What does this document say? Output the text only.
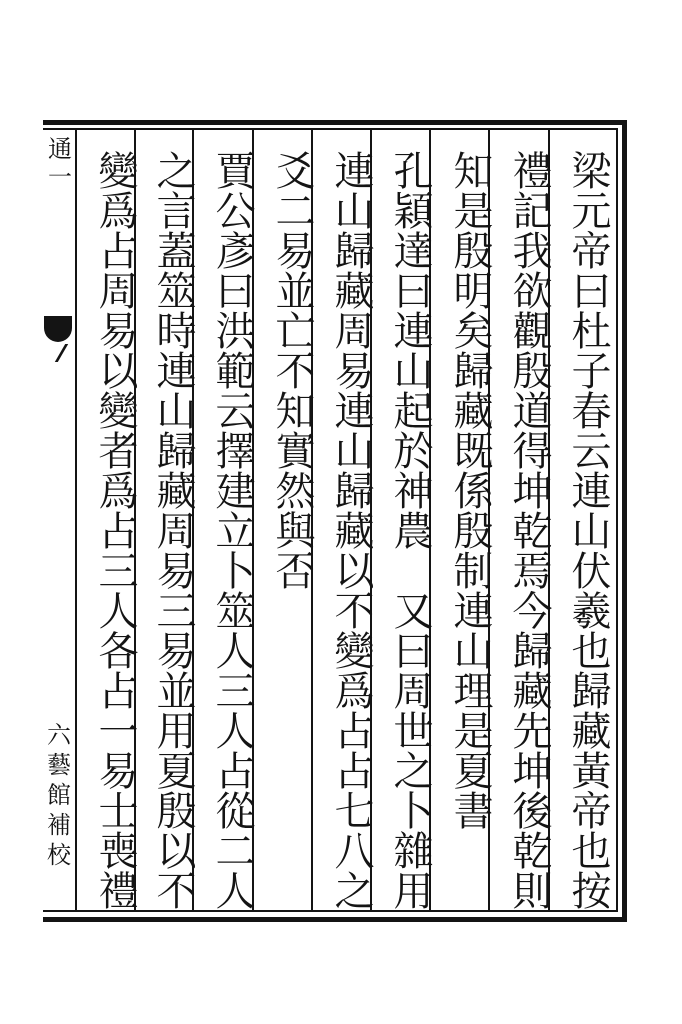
通一
六
藝
館
補
校	梁元帝曰杜子春云連山伏羲也歸藏黃帝也按
禮記我欲觀殷道得坤乾焉今歸藏先坤後乾則
知是殷明矣歸藏既係殷制連山理是夏書
孔穎達曰連山起於神農　又曰周世之卜雜用
連山歸藏周易連山歸藏以不變爲占占七八之
爻二易並亡不知實然與否
賈公彥曰洪範云擇建立卜筮人三人占從二人
之言蓋筮時連山歸藏周易三易並用夏殷以不
變爲占周易以變者爲占三人各占一易士喪禮
